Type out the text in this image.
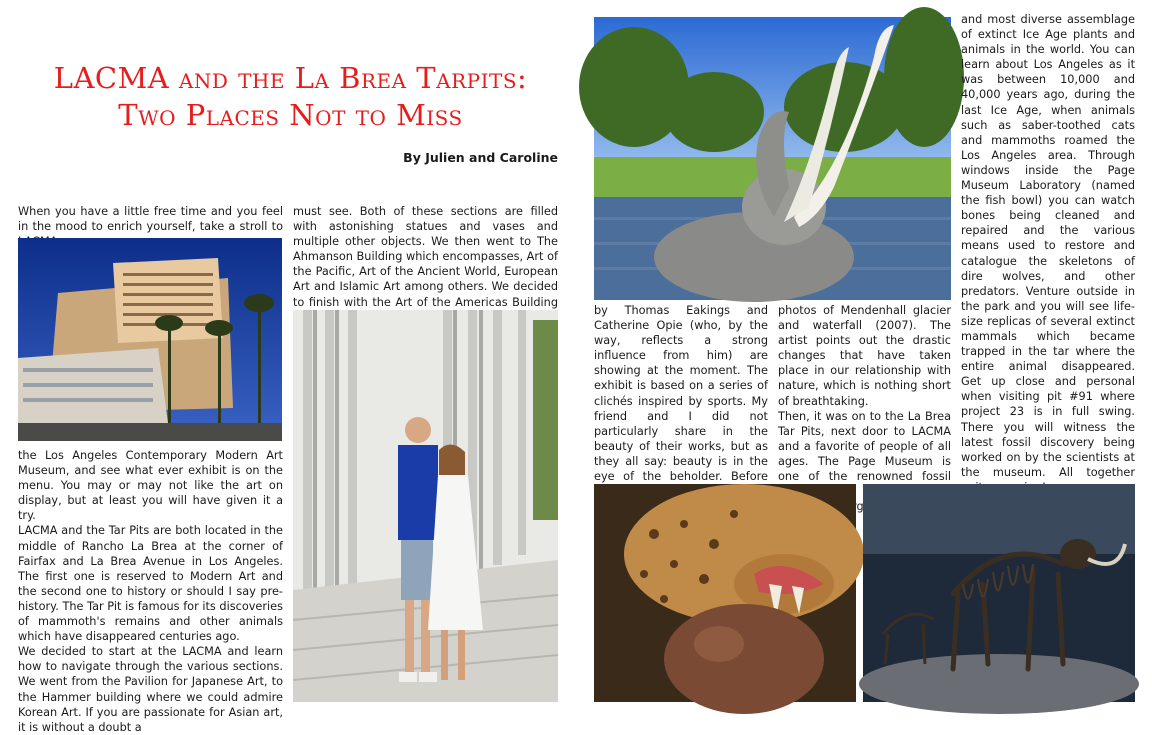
LACMA and the La Brea Tarpits:
Two Places Not to Miss
By Julien and Caroline

When you have a little free time and you feel in the mood to enrich yourself, take a stroll to

the Los Angeles Contemporary Modern Art Museum, and see what ever exhibit is on the menu. You may or may not like the art on display, but at least you will have given it a try.

LACMA and the Tar Pits are both located in the middle of Rancho La Brea at the corner of Fairfax and La Brea Avenue in Los Angeles. The first one is reserved to Modern Art and the second one to history or should I say pre-history. The Tar Pit is famous for its discoveries of mammoth's remains and other animals which have disappeared centuries ago.

We decided to start at the LACMA and learn how to navigate through the various sections. We went from the Pavilion for Japanese Art, to the Hammer building where we could admire Korean Art. If you are passionate for Asian art, it is without a doubt a

must see. Both of these sections are filled with astonishing statues and vases and multiple other objects. We then went to The Ahmanson Building which encompasses, Art of the Pacific, Art of the Ancient World, European Art and Islamic Art among others. We decided to finish with the Art of the Americas Building

by Thomas Eakings and Catherine Opie (who, by the way, reflects a strong influence from him) are showing at the moment. The exhibit is based on a series of clichés inspired by sports. My friend and I did not particularly share in the beauty of their works, but as they all say: beauty is in the eye of the beholder. Before

photos of Mendenhall glacier and waterfall (2007). The artist points out the drastic changes that have taken place in our relationship with nature, which is nothing short of breathtaking.

Then, it was on to the La Brea Tar Pits, next door to LACMA and a favorite of people of all ages. The Page Museum is one of the renowned fossil largest

and most diverse assemblage of extinct Ice Age plants and animals in the world. You can learn about Los Angeles as it was between 10,000 and 40,000 years ago, during the last Ice Age, when animals such as saber-toothed cats and mammoths roamed the Los Angeles area. Through windows inside the Page Museum Laboratory (named the fish bowl) you can watch bones being cleaned and repaired and the various means used to restore and catalogue the skeletons of dire wolves, and other predators. Venture outside in the park and you will see life-size replicas of several extinct mammals which became trapped in the tar where the entire animal disappeared. Get up close and personal when visiting pit #91 where project 23 is in full swing. There you will witness the latest fossil discovery being worked on by the scientists at the museum. All together
